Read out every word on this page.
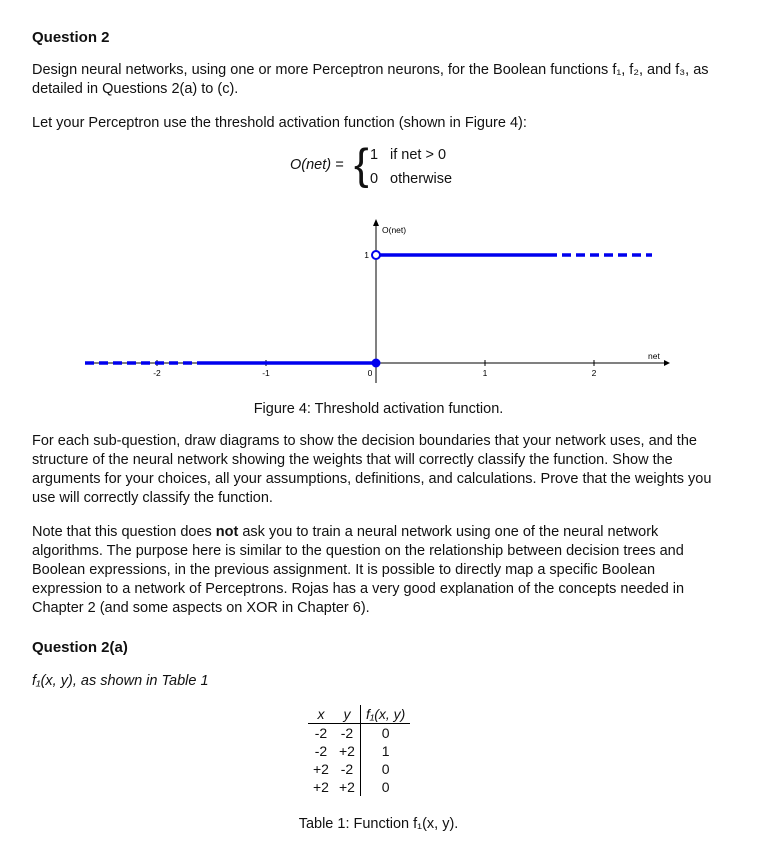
Question 2
Design neural networks, using one or more Perceptron neurons, for the Boolean functions f₁, f₂, and f₃, as detailed in Questions 2(a) to (c).
Let your Perceptron use the threshold activation function (shown in Figure 4):
O(net) = { 1 if net > 0
0 otherwise
-2	-1	0	1	2
1
O(net)
net
Figure 4: Threshold activation function.
For each sub-question, draw diagrams to show the decision boundaries that your network uses, and the structure of the neural network showing the weights that will correctly classify the function. Show the arguments for your choices, all your assumptions, definitions, and calculations. Prove that the weights you use will correctly classify the function.
Note that this question does not ask you to train a neural network using one of the neural network algorithms. The purpose here is similar to the question on the relationship between decision trees and Boolean expressions, in the previous assignment. It is possible to directly map a specific Boolean expression to a network of Perceptrons. Rojas has a very good explanation of the concepts needed in Chapter 2 (and some aspects on XOR in Chapter 6).
Question 2(a)
f₁(x, y), as shown in Table 1
x	y	f₁(x, y)
-2	-2	0
-2	+2	1
+2	-2	0
+2	+2	0
Table 1: Function f₁(x, y).
